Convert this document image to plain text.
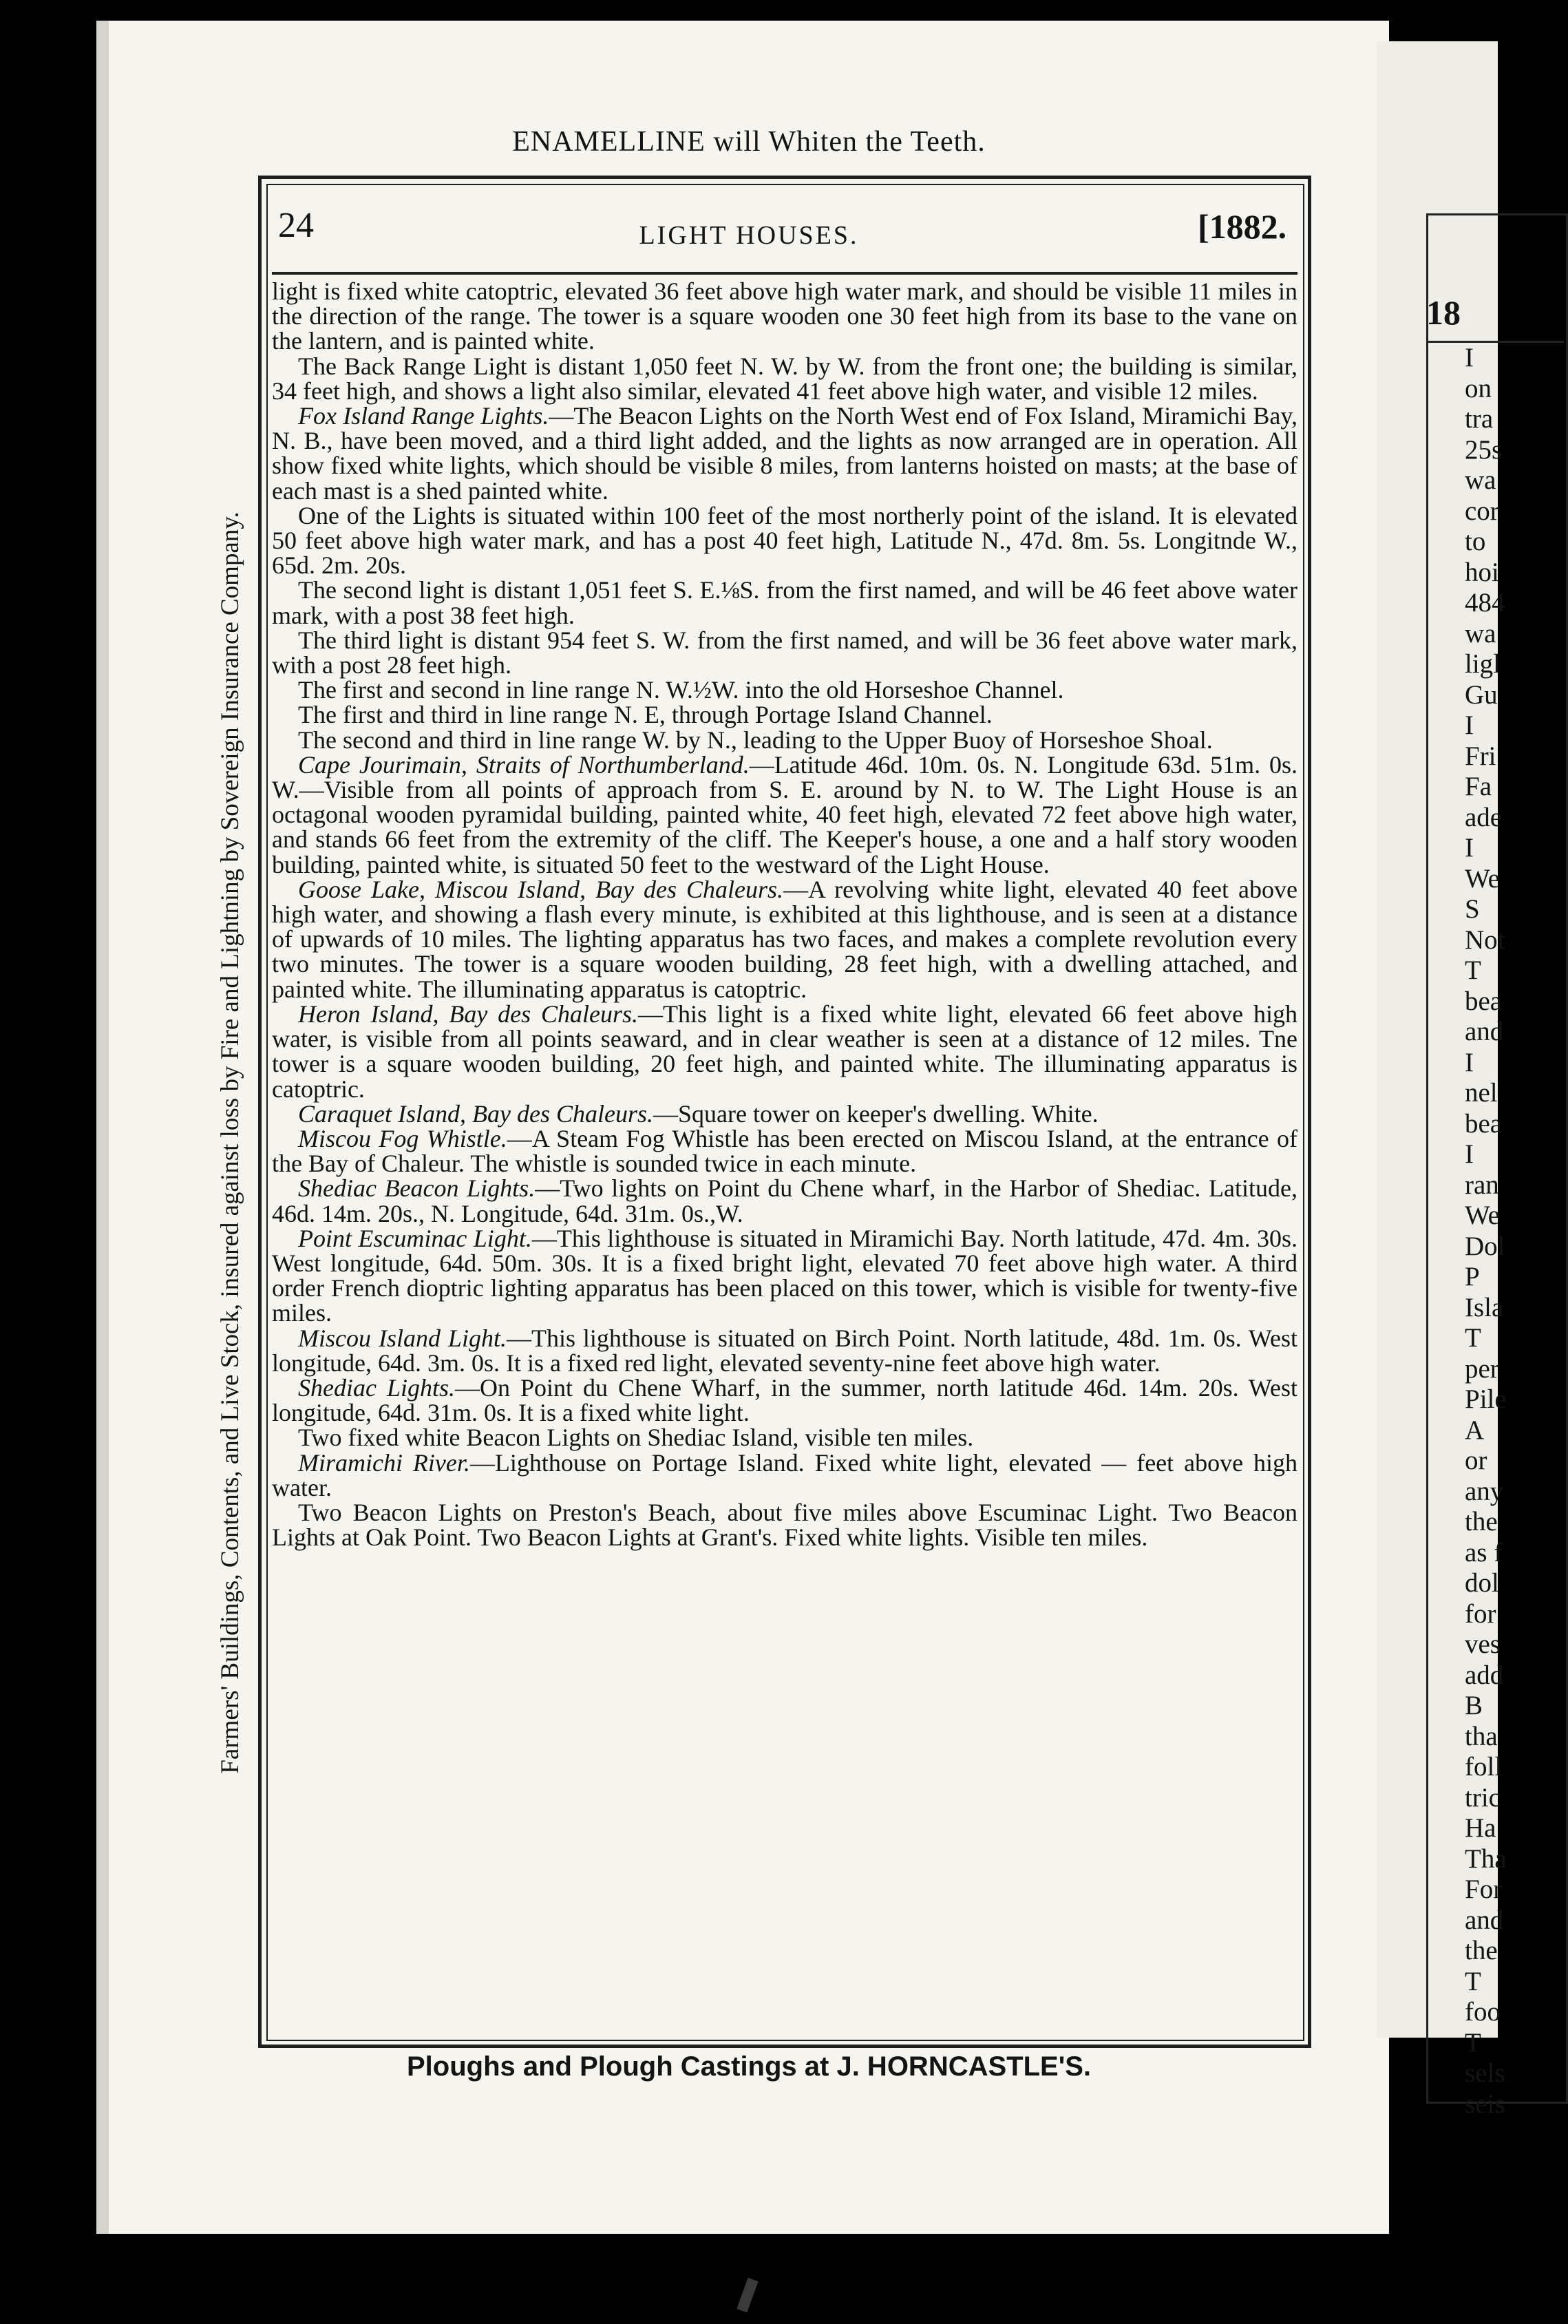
18
I
on
tra
25s
wa
cor
to
hoi
484
wa
ligl
Gu
I
Fri
Fa
ade
I
We
S
Not
T
bea
and
I
nel
bea
I
ran
We
Dol
P
Isla
T
per
Pile
A
or
any
the
as f
dol
for
ves
add
B
tha
foll
tric
Ha
Tha
For
and
the
T
foo
T
sels
seis
ENAMELLINE will Whiten the Teeth.
Farmers' Buildings, Contents, and Live Stock, insured against loss by Fire and Lightning by Sovereign Insurance Company.
24	LIGHT HOUSES.	[1882.

light is fixed white catoptric, elevated 36 feet above high water mark, and should be visible 11 miles in the direction of the range. The tower is a square wooden one 30 feet high from its base to the vane on the lantern, and is painted white.

The Back Range Light is distant 1,050 feet N. W. by W. from the front one; the building is similar, 34 feet high, and shows a light also similar, elevated 41 feet above high water, and visible 12 miles.

Fox Island Range Lights.—The Beacon Lights on the North West end of Fox Island, Miramichi Bay, N. B., have been moved, and a third light added, and the lights as now arranged are in operation. All show fixed white lights, which should be visible 8 miles, from lanterns hoisted on masts; at the base of each mast is a shed painted white.

One of the Lights is situated within 100 feet of the most northerly point of the island. It is elevated 50 feet above high water mark, and has a post 40 feet high, Latitude N., 47d. 8m. 5s. Longitnde W., 65d. 2m. 20s.

The second light is distant 1,051 feet S. E.⅛S. from the first named, and will be 46 feet above water mark, with a post 38 feet high.

The third light is distant 954 feet S. W. from the first named, and will be 36 feet above water mark, with a post 28 feet high.

The first and second in line range N. W.½W. into the old Horseshoe Channel.

The first and third in line range N. E, through Portage Island Channel.

The second and third in line range W. by N., leading to the Upper Buoy of Horseshoe Shoal.

Cape Jourimain, Straits of Northumberland.—Latitude 46d. 10m. 0s. N. Longitude 63d. 51m. 0s. W.—Visible from all points of approach from S. E. around by N. to W. The Light House is an octagonal wooden pyramidal building, painted white, 40 feet high, elevated 72 feet above high water, and stands 66 feet from the extremity of the cliff. The Keeper's house, a one and a half story wooden building, painted white, is situated 50 feet to the westward of the Light House.

Goose Lake, Miscou Island, Bay des Chaleurs.—A revolving white light, elevated 40 feet above high water, and showing a flash every minute, is exhibited at this lighthouse, and is seen at a distance of upwards of 10 miles. The lighting apparatus has two faces, and makes a complete revolution every two minutes. The tower is a square wooden building, 28 feet high, with a dwelling attached, and painted white. The illuminating apparatus is catoptric.

Heron Island, Bay des Chaleurs.—This light is a fixed white light, elevated 66 feet above high water, is visible from all points seaward, and in clear weather is seen at a distance of 12 miles. Tne tower is a square wooden building, 20 feet high, and painted white. The illuminating apparatus is catoptric.

Caraquet Island, Bay des Chaleurs.—Square tower on keeper's dwelling. White.

Miscou Fog Whistle.—A Steam Fog Whistle has been erected on Miscou Island, at the entrance of the Bay of Chaleur. The whistle is sounded twice in each minute.

Shediac Beacon Lights.—Two lights on Point du Chene wharf, in the Harbor of Shediac. Latitude, 46d. 14m. 20s., N. Longitude, 64d. 31m. 0s.,W.

Point Escuminac Light.—This lighthouse is situated in Miramichi Bay. North latitude, 47d. 4m. 30s. West longitude, 64d. 50m. 30s. It is a fixed bright light, elevated 70 feet above high water. A third order French dioptric lighting apparatus has been placed on this tower, which is visible for twenty-five miles.

Miscou Island Light.—This lighthouse is situated on Birch Point. North latitude, 48d. 1m. 0s. West longitude, 64d. 3m. 0s. It is a fixed red light, elevated seventy-nine feet above high water.

Shediac Lights.—On Point du Chene Wharf, in the summer, north latitude 46d. 14m. 20s. West longitude, 64d. 31m. 0s. It is a fixed white light.

Two fixed white Beacon Lights on Shediac Island, visible ten miles.

Miramichi River.—Lighthouse on Portage Island. Fixed white light, elevated — feet above high water.

Two Beacon Lights on Preston's Beach, about five miles above Escuminac Light. Two Beacon Lights at Oak Point. Two Beacon Lights at Grant's. Fixed white lights. Visible ten miles.

Ploughs and Plough Castings at J. HORNCASTLE'S.
